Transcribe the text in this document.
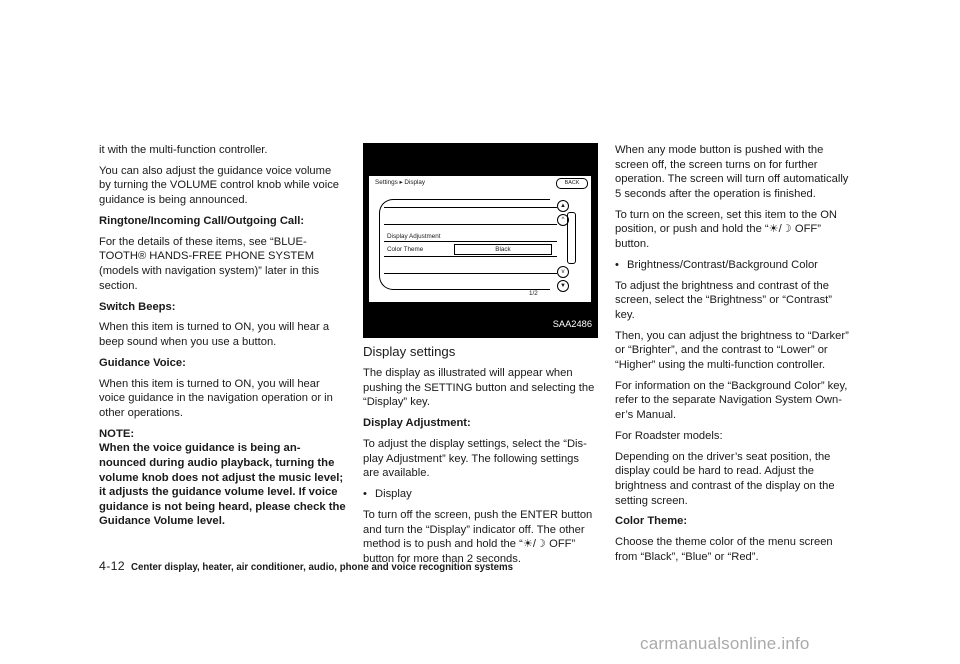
it with the multi-function controller.

You can also adjust the guidance voice volume by turning the VOLUME control knob while voice guidance is being announced.

Ringtone/Incoming Call/Outgoing Call:

For the details of these items, see “BLUE-TOOTH® HANDS-FREE PHONE SYSTEM (models with navigation system)” later in this section.

Switch Beeps:

When this item is turned to ON, you will hear a beep sound when you use a button.

Guidance Voice:

When this item is turned to ON, you will hear voice guidance in the navigation operation or in other operations.

NOTE:

When the voice guidance is being an-nounced during audio playback, turning the volume knob does not adjust the music level; it adjusts the guidance volume level. If voice guidance is not being heard, please check the Guidance Volume level.

Settings ▸ Display	BACK
Display Adjustment
Color Theme	Black
▲
^
v
▼
1/2
SAA2486

Display settings

The display as illustrated will appear when pushing the SETTING button and selecting the “Display” key.

Display Adjustment:

To adjust the display settings, select the “Dis-play Adjustment” key. The following settings are available.

• Display

To turn off the screen, push the ENTER button and turn the “Display” indicator off. The other method is to push and hold the “☀/☽ OFF” button for more than 2 seconds.

When any mode button is pushed with the screen off, the screen turns on for further operation. The screen will turn off automatically 5 seconds after the operation is finished.

To turn on the screen, set this item to the ON position, or push and hold the “☀/☽ OFF” button.

• Brightness/Contrast/Background Color

To adjust the brightness and contrast of the screen, select the “Brightness” or “Contrast” key.

Then, you can adjust the brightness to “Darker” or “Brighter”, and the contrast to “Lower” or “Higher” using the multi-function controller.

For information on the “Background Color” key, refer to the separate Navigation System Own-er’s Manual.

For Roadster models:

Depending on the driver’s seat position, the display could be hard to read. Adjust the brightness and contrast of the display on the setting screen.

Color Theme:

Choose the theme color of the menu screen from “Black”, “Blue” or “Red”.

4-12 Center display, heater, air conditioner, audio, phone and voice recognition systems
carmanualsonline.info
